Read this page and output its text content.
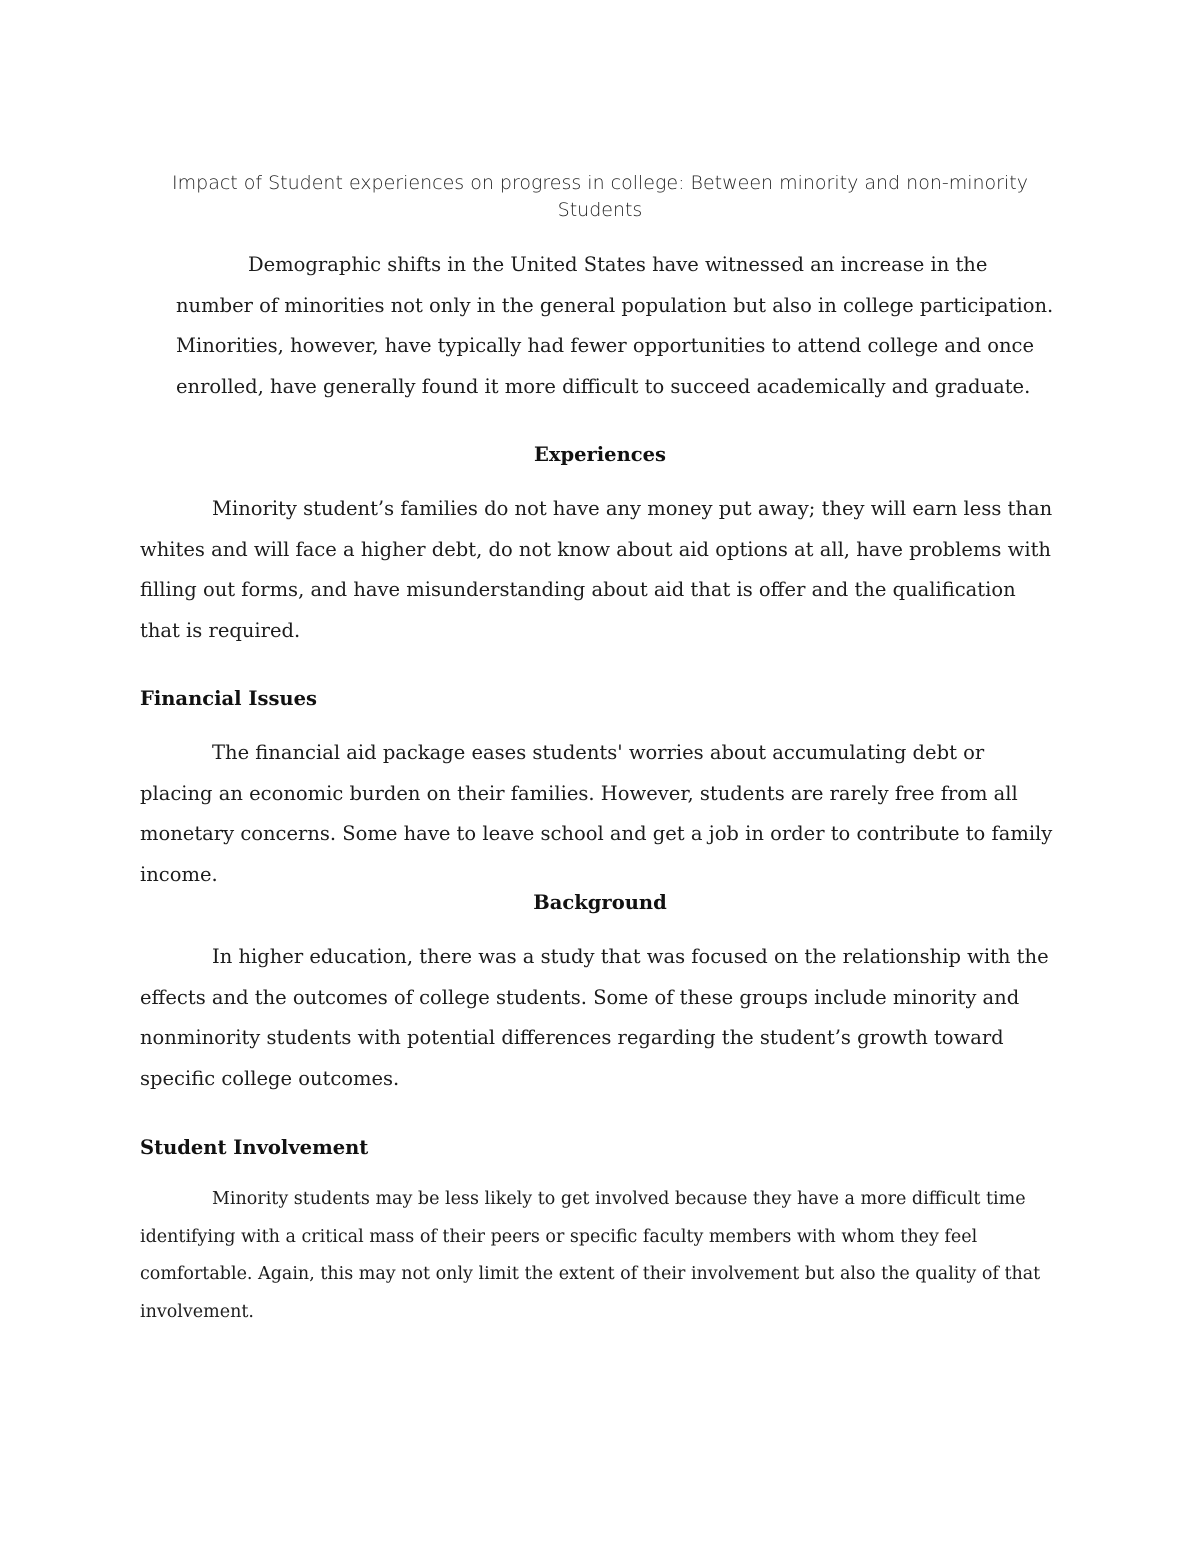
Impact of Student experiences on progress in college: Between minority and non-minority
Students

Demographic shifts in the United States have witnessed an increase in the number of minorities not only in the general population but also in college participation. Minorities, however, have typically had fewer opportunities to attend college and once enrolled, have generally found it more difficult to succeed academically and graduate.

Experiences

Minority student’s families do not have any money put away; they will earn less than whites and will face a higher debt, do not know about aid options at all, have problems with filling out forms, and have misunderstanding about aid that is offer and the qualification that is required.

Financial Issues

The financial aid package eases students' worries about accumulating debt or placing an economic burden on their families. However, students are rarely free from all monetary concerns. Some have to leave school and get a job in order to contribute to family income.

Background

In higher education, there was a study that was focused on the relationship with the effects and the outcomes of college students. Some of these groups include minority and nonminority students with potential differences regarding the student’s growth toward specific college outcomes.

Student Involvement

Minority students may be less likely to get involved because they have a more difficult time identifying with a critical mass of their peers or specific faculty members with whom they feel comfortable. Again, this may not only limit the extent of their involvement but also the quality of that involvement.
